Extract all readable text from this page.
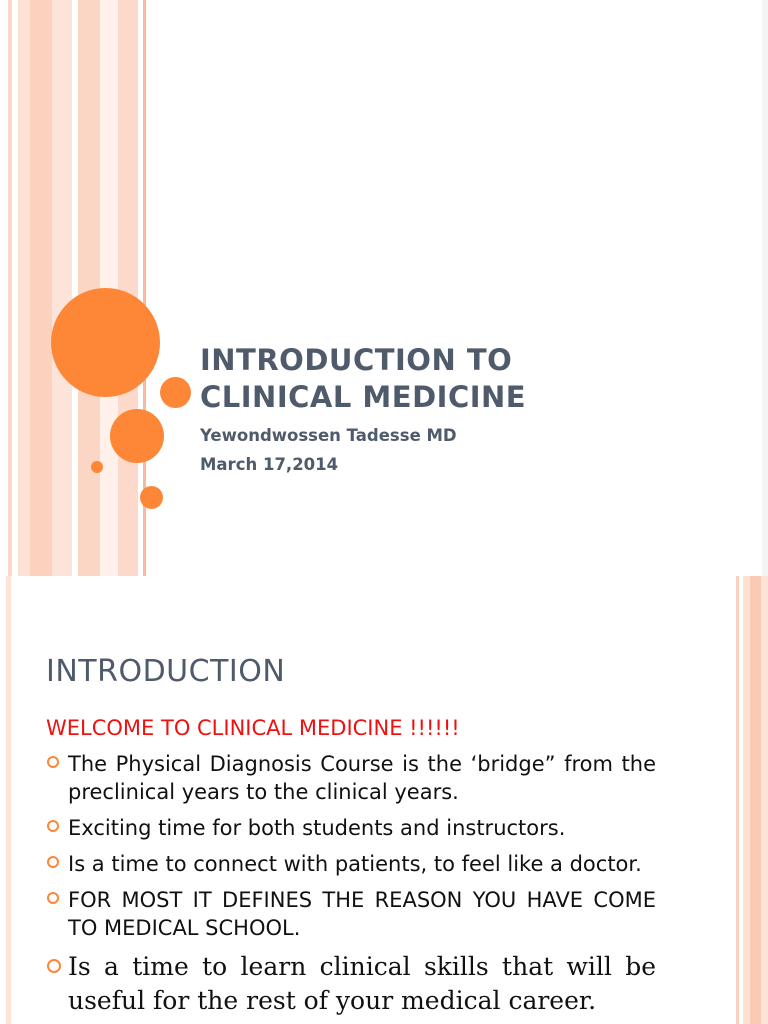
INTRODUCTION TO
CLINICAL MEDICINE
Yewondwossen Tadesse MD
March 17,2014
INTRODUCTION
WELCOME TO CLINICAL MEDICINE !!!!!!
The Physical Diagnosis Course is the ‘bridge” from the preclinical years to the clinical years.
Exciting time for both students and instructors.
Is a time to connect with patients, to feel like a doctor.
FOR MOST IT DEFINES THE REASON YOU HAVE COME TO MEDICAL SCHOOL.
Is a time to learn clinical skills that will be useful for the rest of your medical career.
